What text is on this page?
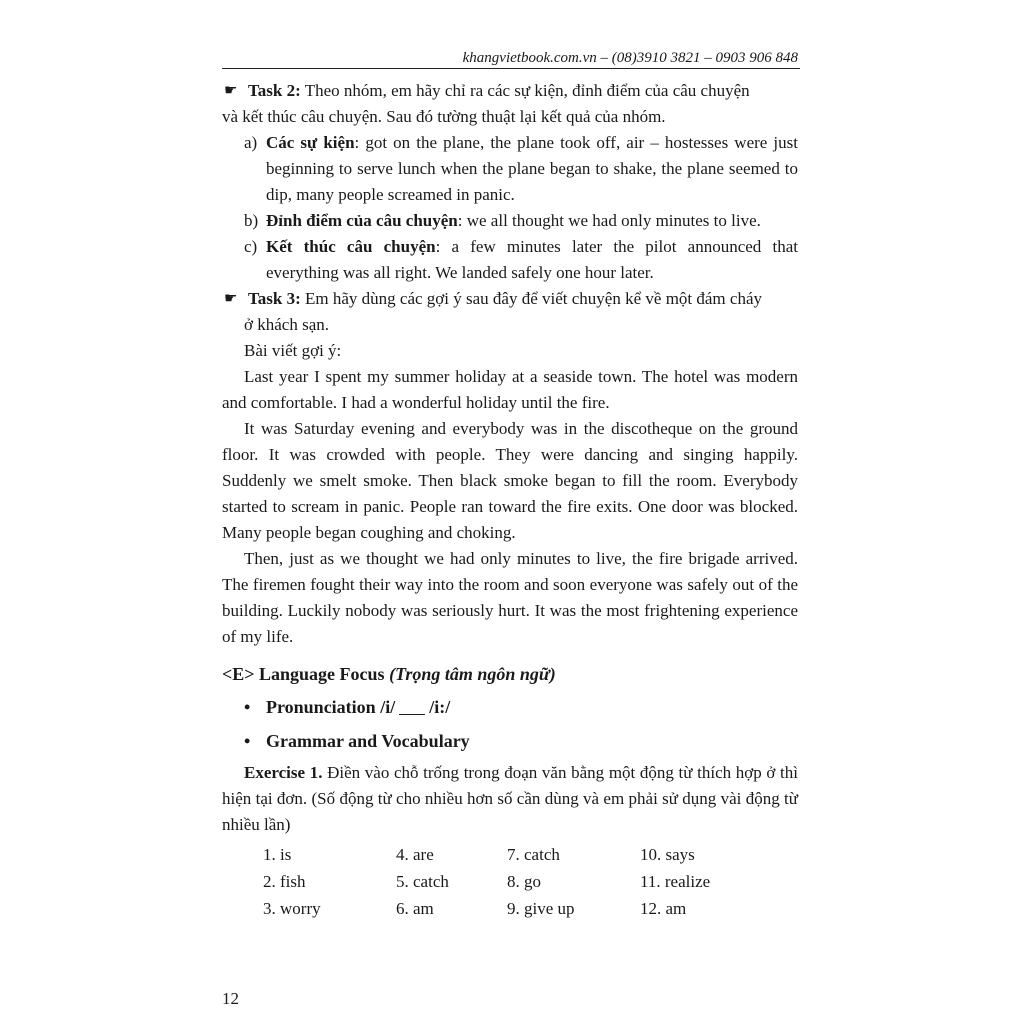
khangvietbook.com.vn – (08)3910 3821 – 0903 906 848

☛ Task 2: Theo nhóm, em hãy chỉ ra các sự kiện, đỉnh điểm của câu chuyện

và kết thúc câu chuyện. Sau đó tường thuật lại kết quả của nhóm.

a) Các sự kiện: got on the plane, the plane took off, air – hostesses were just beginning to serve lunch when the plane began to shake, the plane seemed to dip, many people screamed in panic.

b) Đỉnh điểm của câu chuyện: we all thought we had only minutes to live.

c) Kết thúc câu chuyện: a few minutes later the pilot announced that everything was all right. We landed safely one hour later.

☛ Task 3: Em hãy dùng các gợi ý sau đây để viết chuyện kể về một đám cháy

ở khách sạn.

Bài viết gợi ý:

Last year I spent my summer holiday at a seaside town. The hotel was modern and comfortable. I had a wonderful holiday until the fire.

It was Saturday evening and everybody was in the discotheque on the ground floor. It was crowded with people. They were dancing and singing happily. Suddenly we smelt smoke. Then black smoke began to fill the room. Everybody started to scream in panic. People ran toward the fire exits. One door was blocked. Many people began coughing and choking.

Then, just as we thought we had only minutes to live, the fire brigade arrived. The firemen fought their way into the room and soon everyone was safely out of the building. Luckily nobody was seriously hurt. It was the most frightening experience of my life.

<E> Language Focus (Trọng tâm ngôn ngữ)

• Pronunciation /i/ /i:/

• Grammar and Vocabulary

Exercise 1. Điền vào chỗ trống trong đoạn văn bằng một động từ thích hợp ở thì hiện tại đơn. (Số động từ cho nhiều hơn số cần dùng và em phải sử dụng vài động từ nhiều lần)

1. is	4. are	7. catch	10. says
2. fish	5. catch	8. go	11. realize
3. worry	6. am	9. give up	12. am
12
